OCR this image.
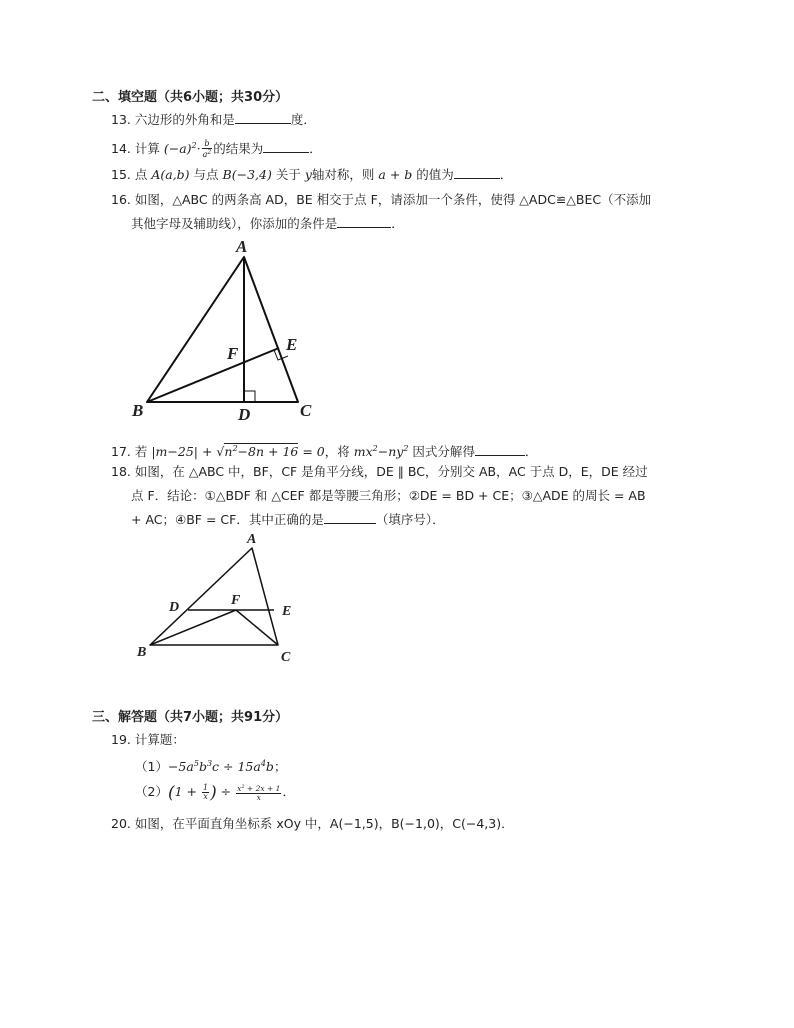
二、填空题（共6小题；共30分）
13. 六边形的外角和是	度．
14. 计算 $(-a)^2\cdot \frac{b}{a^2}$ 的结果为	．
15. 点 A(a,b) 与点 B(−3,4) 关于 y轴对称，则 a + b 的值为	．
16. 如图，△ABC 的两条高 AD，BE 相交于点 F，请添加一个条件，使得 △ADC≌△BEC（不添加
其他字母及辅助线），你添加的条件是	．
A
B	C
D
E
F
17. 若 $|m-25| + √n^2-8n + 16 = 0$，将 $mx^2-ny^2$ 因式分解得	．
18. 如图，在 △ABC 中，BF，CF 是角平分线，DE ∥ BC，分别交 AB，AC 于点 D，E，DE 经过
点 F．结论：①△BDF 和 △CEF 都是等腰三角形；②DE = BD + CE；③△ADE 的周长 = AB
+ AC；④BF = CF．其中正确的是	（填序号）．
A
B	C
D	E
F
三、解答题（共7小题；共91分）
19. 计算题：
$(1)-5a^5b^3c \div 15a^4b$；
$(2)(1 + \frac{1}{x}$ ) ÷ $\frac{x^2 + 2x + 1}{x}$ ．
20. 如图，在平面直角坐标系 xOy 中，A(−1,5)，B(−1,0)，C(−4,3)．
